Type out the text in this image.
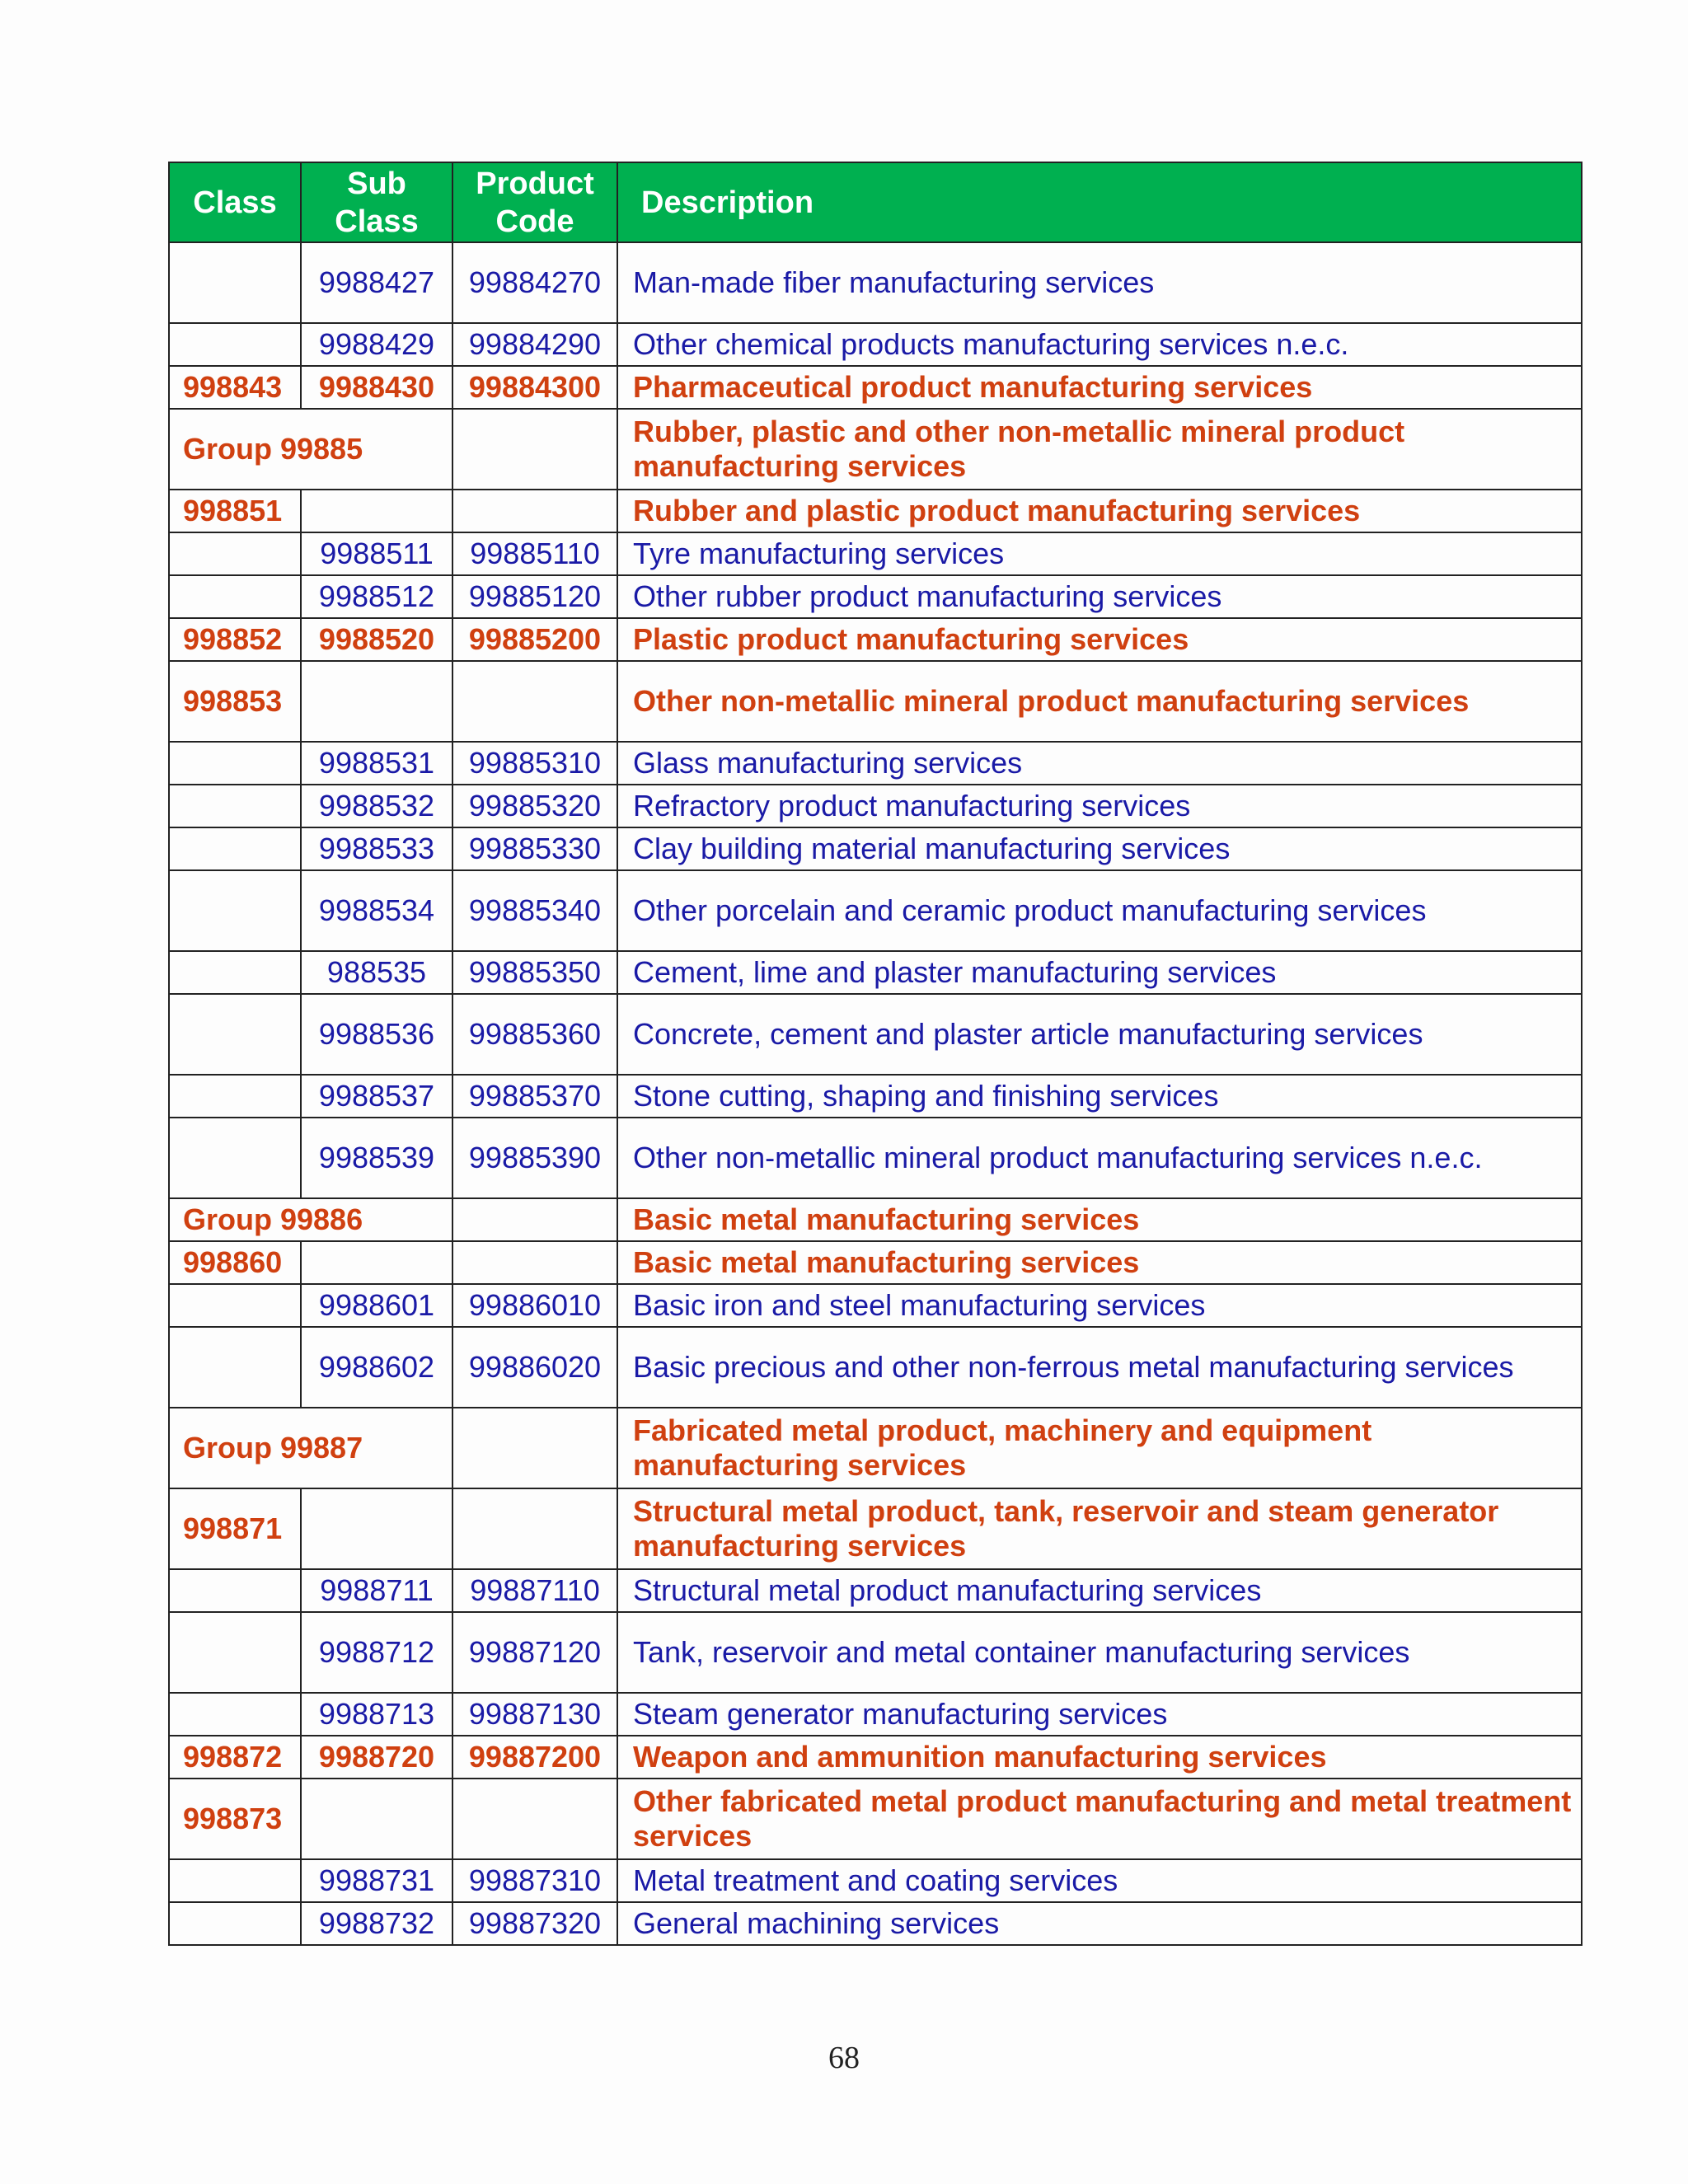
Class	Sub Class	Product Code	Description
	9988427	99884270	Man-made fiber manufacturing services
	9988429	99884290	Other chemical products manufacturing services n.e.c.
998843	9988430	99884300	Pharmaceutical product manufacturing services
Group 99885			Rubber, plastic and other non-metallic mineral product manufacturing services
998851			Rubber and plastic product manufacturing services
	9988511	99885110	Tyre manufacturing services
	9988512	99885120	Other rubber product manufacturing services
998852	9988520	99885200	Plastic product manufacturing services
998853			Other non-metallic mineral product manufacturing services
	9988531	99885310	Glass manufacturing services
	9988532	99885320	Refractory product manufacturing services
	9988533	99885330	Clay building material manufacturing services
	9988534	99885340	Other porcelain and ceramic product manufacturing services
	988535	99885350	Cement, lime and plaster manufacturing services
	9988536	99885360	Concrete, cement and plaster article manufacturing services
	9988537	99885370	Stone cutting, shaping and finishing services
	9988539	99885390	Other non-metallic mineral product manufacturing services n.e.c.
Group 99886			Basic metal manufacturing services
998860			Basic metal manufacturing services
	9988601	99886010	Basic iron and steel manufacturing services
	9988602	99886020	Basic precious and other non-ferrous metal manufacturing services
Group 99887			Fabricated metal product, machinery and equipment manufacturing services
998871			Structural metal product, tank, reservoir and steam generator manufacturing services
	9988711	99887110	Structural metal product manufacturing services
	9988712	99887120	Tank, reservoir and metal container manufacturing services
	9988713	99887130	Steam generator manufacturing services
998872	9988720	99887200	Weapon and ammunition manufacturing services
998873			Other fabricated metal product manufacturing and metal treatment services
	9988731	99887310	Metal treatment and coating services
	9988732	99887320	General machining services
68
